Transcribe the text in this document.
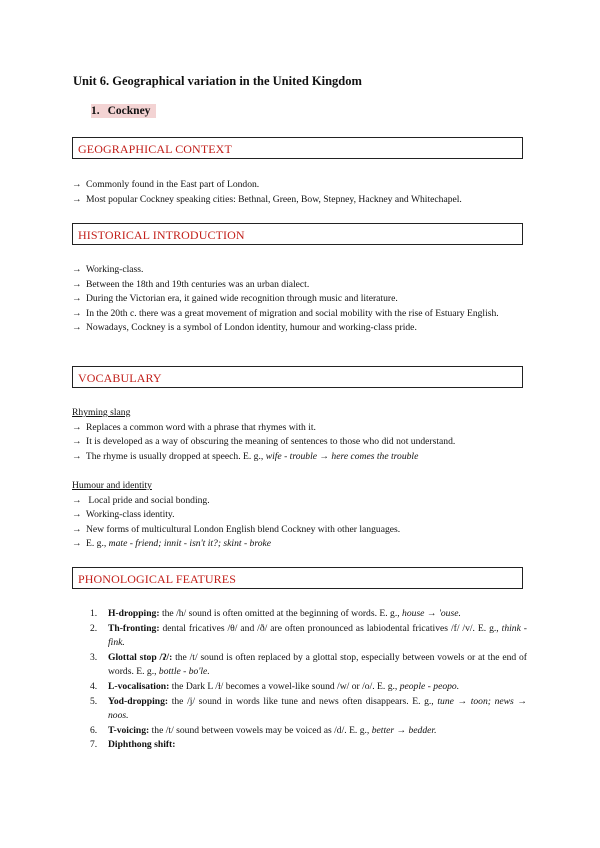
Unit 6. Geographical variation in the United Kingdom
1. Cockney
GEOGRAPHICAL CONTEXT

→ Commonly found in the East part of London.

→ Most popular Cockney speaking cities: Bethnal, Green, Bow, Stepney, Hackney and Whitechapel.

HISTORICAL INTRODUCTION

→ Working-class.

→ Between the 18th and 19th centuries was an urban dialect.

→ During the Victorian era, it gained wide recognition through music and literature.

→ In the 20th c. there was a great movement of migration and social mobility with the rise of Estuary English.

→ Nowadays, Cockney is a symbol of London identity, humour and working-class pride.

VOCABULARY

Rhyming slang

→ Replaces a common word with a phrase that rhymes with it.

→ It is developed as a way of obscuring the meaning of sentences to those who did not understand.

→ The rhyme is usually dropped at speech. E. g., wife - trouble → here comes the trouble

Humour and identity

→ Local pride and social bonding.

→ Working-class identity.

→ New forms of multicultural London English blend Cockney with other languages.

→ E. g., mate - friend; innit - isn't it?; skint - broke

PHONOLOGICAL FEATURES
1. H-dropping: the /h/ sound is often omitted at the beginning of words. E. g., house → 'ouse.
2. Th-fronting: dental fricatives /θ/ and /ð/ are often pronounced as labiodental fricatives /f/ /v/. E. g., think - fink.
3. Glottal stop /ʔ/: the /t/ sound is often replaced by a glottal stop, especially between vowels or at the end of words. E. g., bottle - bo'le.
4. L-vocalisation: the Dark L /ɫ/ becomes a vowel-like sound /w/ or /o/. E. g., people - peopo.
5. Yod-dropping: the /j/ sound in words like tune and news often disappears. E. g., tune → toon; news → noos.
6. T-voicing: the /t/ sound between vowels may be voiced as /d/. E. g., better → bedder.
7. Diphthong shift:
